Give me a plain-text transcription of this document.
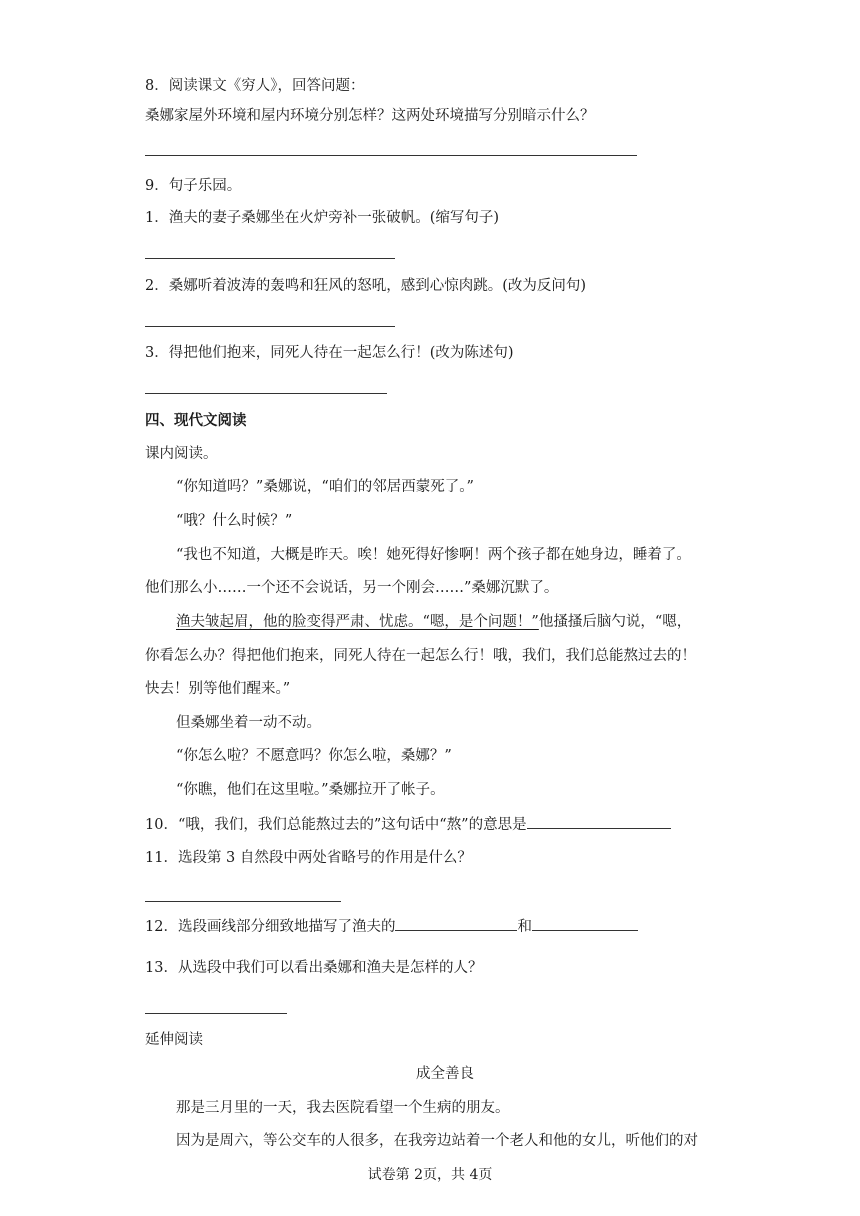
8．阅读课文《穷人》，回答问题：
桑娜家屋外环境和屋内环境分别怎样？这两处环境描写分别暗示什么？
9．句子乐园。
1．渔夫的妻子桑娜坐在火炉旁补一张破帆。(缩写句子)
2．桑娜听着波涛的轰鸣和狂风的怒吼，感到心惊肉跳。(改为反问句)
3．得把他们抱来，同死人待在一起怎么行！(改为陈述句)
四、现代文阅读
课内阅读。
“你知道吗？”桑娜说，“咱们的邻居西蒙死了。”
“哦？什么时候？”
“我也不知道，大概是昨天。唉！她死得好惨啊！两个孩子都在她身边，睡着了。
他们那么小……一个还不会说话，另一个刚会……”桑娜沉默了。
渔夫皱起眉，他的脸变得严肃、忧虑。“嗯，是个问题！”他搔搔后脑勺说，“嗯，
你看怎么办？得把他们抱来，同死人待在一起怎么行！哦，我们，我们总能熬过去的！
快去！别等他们醒来。”
但桑娜坐着一动不动。
“你怎么啦？不愿意吗？你怎么啦，桑娜？”
“你瞧，他们在这里啦。”桑娜拉开了帐子。
10．“哦，我们，我们总能熬过去的”这句话中“熬”的意思是
11．选段第 3 自然段中两处省略号的作用是什么？
12．选段画线部分细致地描写了渔夫的	和
13．从选段中我们可以看出桑娜和渔夫是怎样的人？
延伸阅读
成全善良
那是三月里的一天，我去医院看望一个生病的朋友。
因为是周六，等公交车的人很多，在我旁边站着一个老人和他的女儿，听他们的对
试卷第 2页，共 4页
